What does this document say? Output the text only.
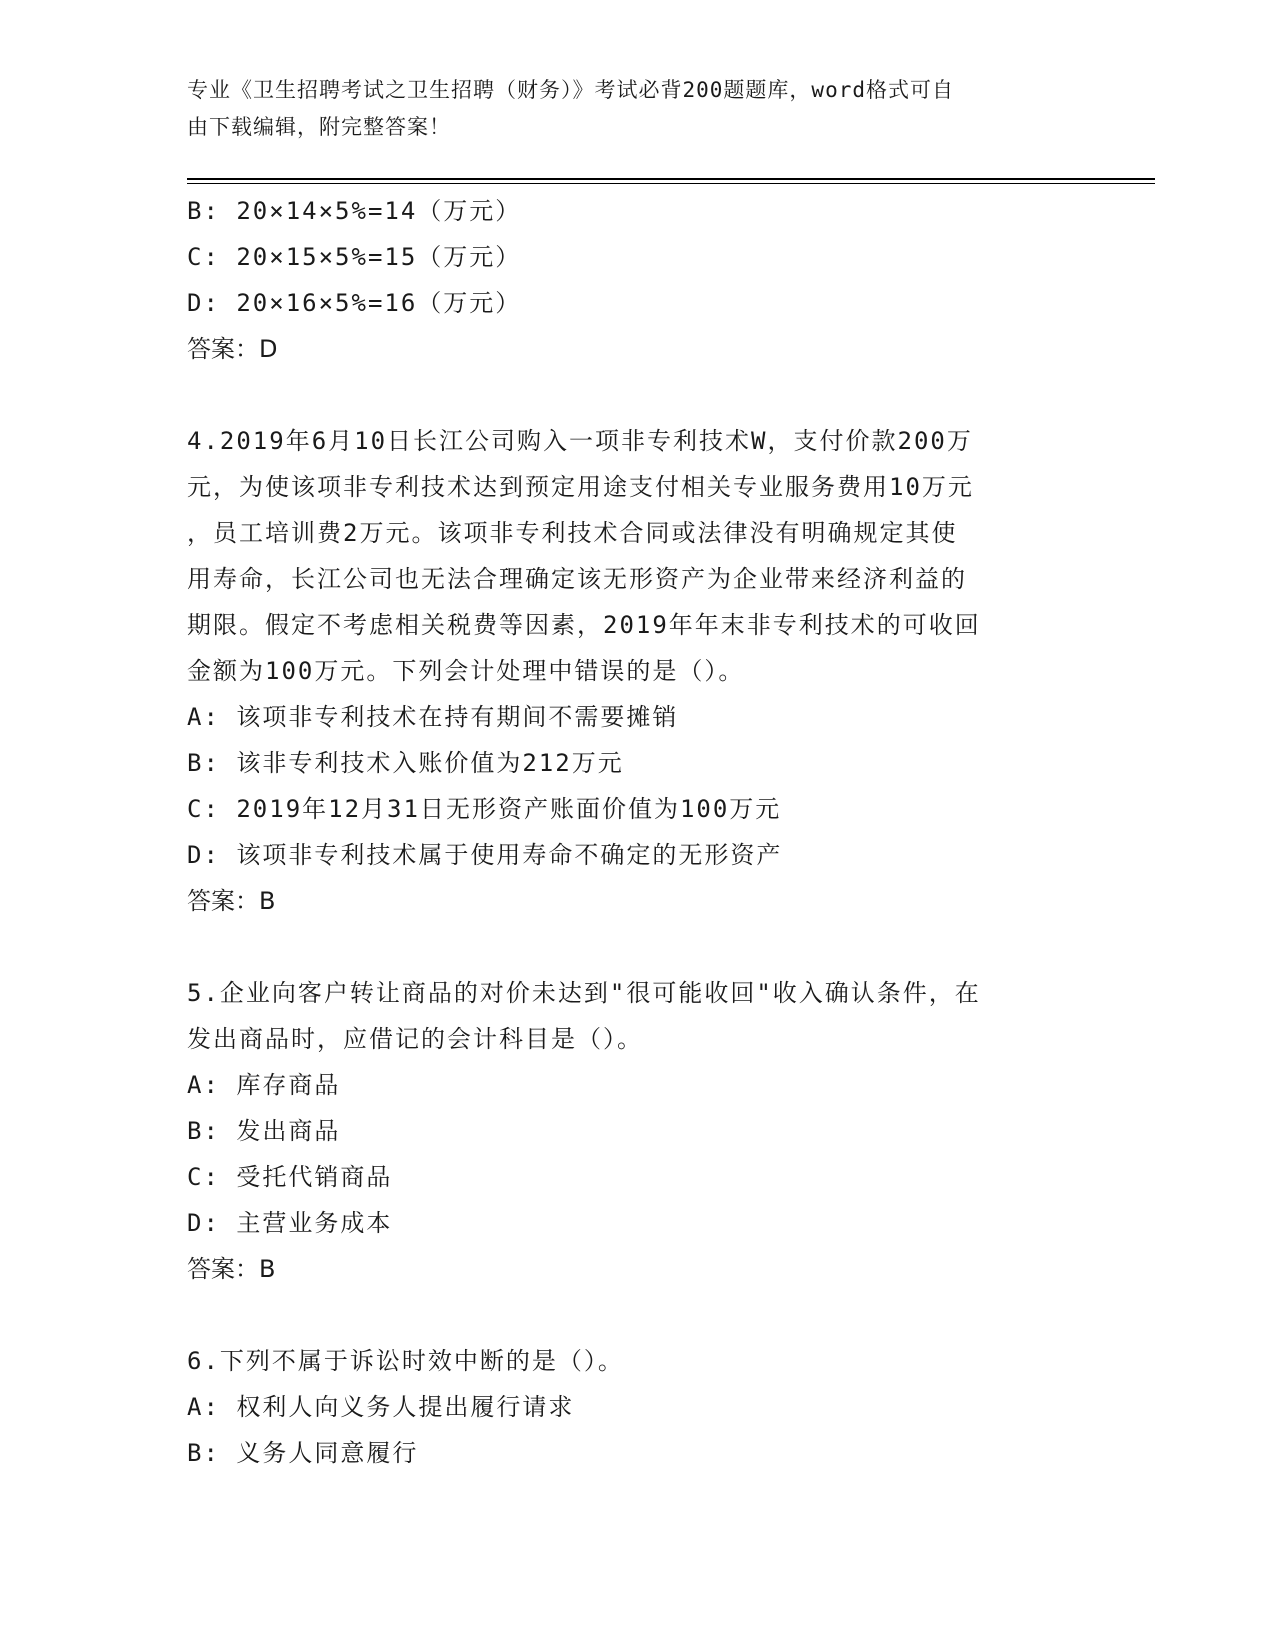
专业《卫生招聘考试之卫生招聘（财务）》考试必背200题题库，word格式可自
由下载编辑，附完整答案！
B: 20×14×5%=14（万元）
C: 20×15×5%=15（万元）
D: 20×16×5%=16（万元）
答案：D
4.2019年6月10日长江公司购入一项非专利技术W，支付价款200万
元，为使该项非专利技术达到预定用途支付相关专业服务费用10万元
，员工培训费2万元。该项非专利技术合同或法律没有明确规定其使
用寿命，长江公司也无法合理确定该无形资产为企业带来经济利益的
期限。假定不考虑相关税费等因素，2019年年末非专利技术的可收回
金额为100万元。下列会计处理中错误的是（）。
A: 该项非专利技术在持有期间不需要摊销
B: 该非专利技术入账价值为212万元
C: 2019年12月31日无形资产账面价值为100万元
D: 该项非专利技术属于使用寿命不确定的无形资产
答案：B
5.企业向客户转让商品的对价未达到"很可能收回"收入确认条件，在
发出商品时，应借记的会计科目是（）。
A: 库存商品
B: 发出商品
C: 受托代销商品
D: 主营业务成本
答案：B
6.下列不属于诉讼时效中断的是（）。
A: 权利人向义务人提出履行请求
B: 义务人同意履行
